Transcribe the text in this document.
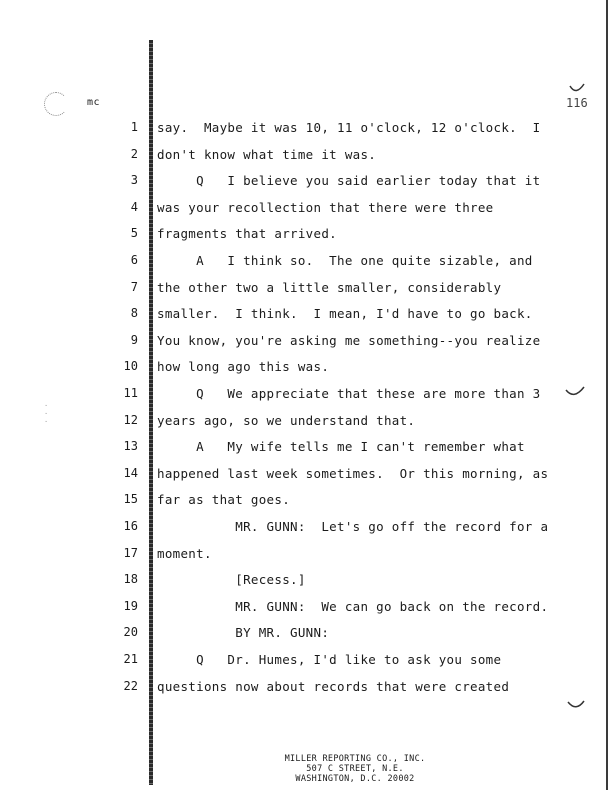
mc	116
·
·
·
1 say.  Maybe it was 10, 11 o'clock, 12 o'clock.  I
2 don't know what time it was.
3 Q   I believe you said earlier today that it
4 was your recollection that there were three
5 fragments that arrived.
6 A   I think so.  The one quite sizable, and
7 the other two a little smaller, considerably
8 smaller.  I think.  I mean, I'd have to go back.
9 You know, you're asking me something--you realize
10 how long ago this was.
11 Q   We appreciate that these are more than 3
12 years ago, so we understand that.
13 A   My wife tells me I can't remember what
14 happened last week sometimes.  Or this morning, as
15 far as that goes.
16 MR. GUNN:  Let's go off the record for a
17 moment.
18 [Recess.]
19 MR. GUNN:  We can go back on the record.
20 BY MR. GUNN:
21 Q   Dr. Humes, I'd like to ask you some
22 questions now about records that were created
MILLER REPORTING CO., INC.
507 C STREET, N.E.
WASHINGTON, D.C. 20002
